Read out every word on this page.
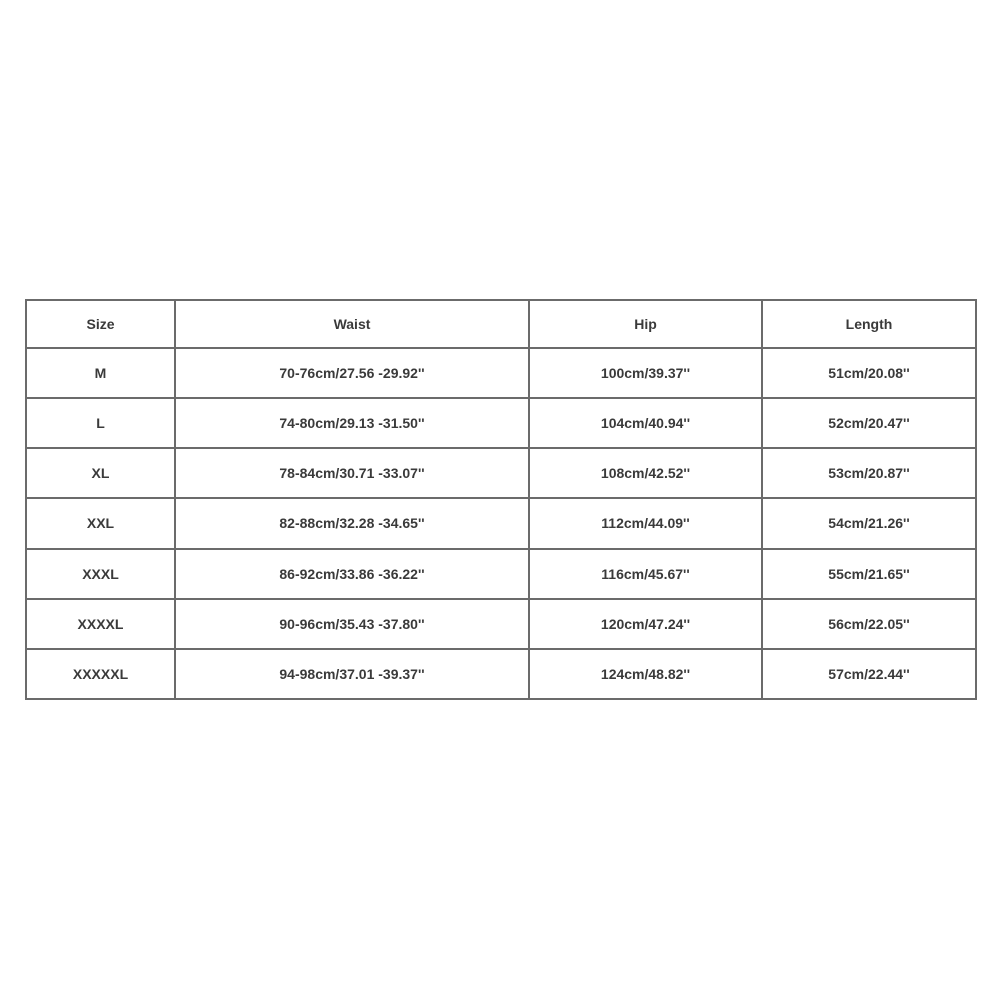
Size	Waist	Hip	Length
M	70-76cm/27.56 -29.92''	100cm/39.37''	51cm/20.08''
L	74-80cm/29.13 -31.50''	104cm/40.94''	52cm/20.47''
XL	78-84cm/30.71 -33.07''	108cm/42.52''	53cm/20.87''
XXL	82-88cm/32.28 -34.65''	112cm/44.09''	54cm/21.26''
XXXL	86-92cm/33.86 -36.22''	116cm/45.67''	55cm/21.65''
XXXXL	90-96cm/35.43 -37.80''	120cm/47.24''	56cm/22.05''
XXXXXL	94-98cm/37.01 -39.37''	124cm/48.82''	57cm/22.44''
